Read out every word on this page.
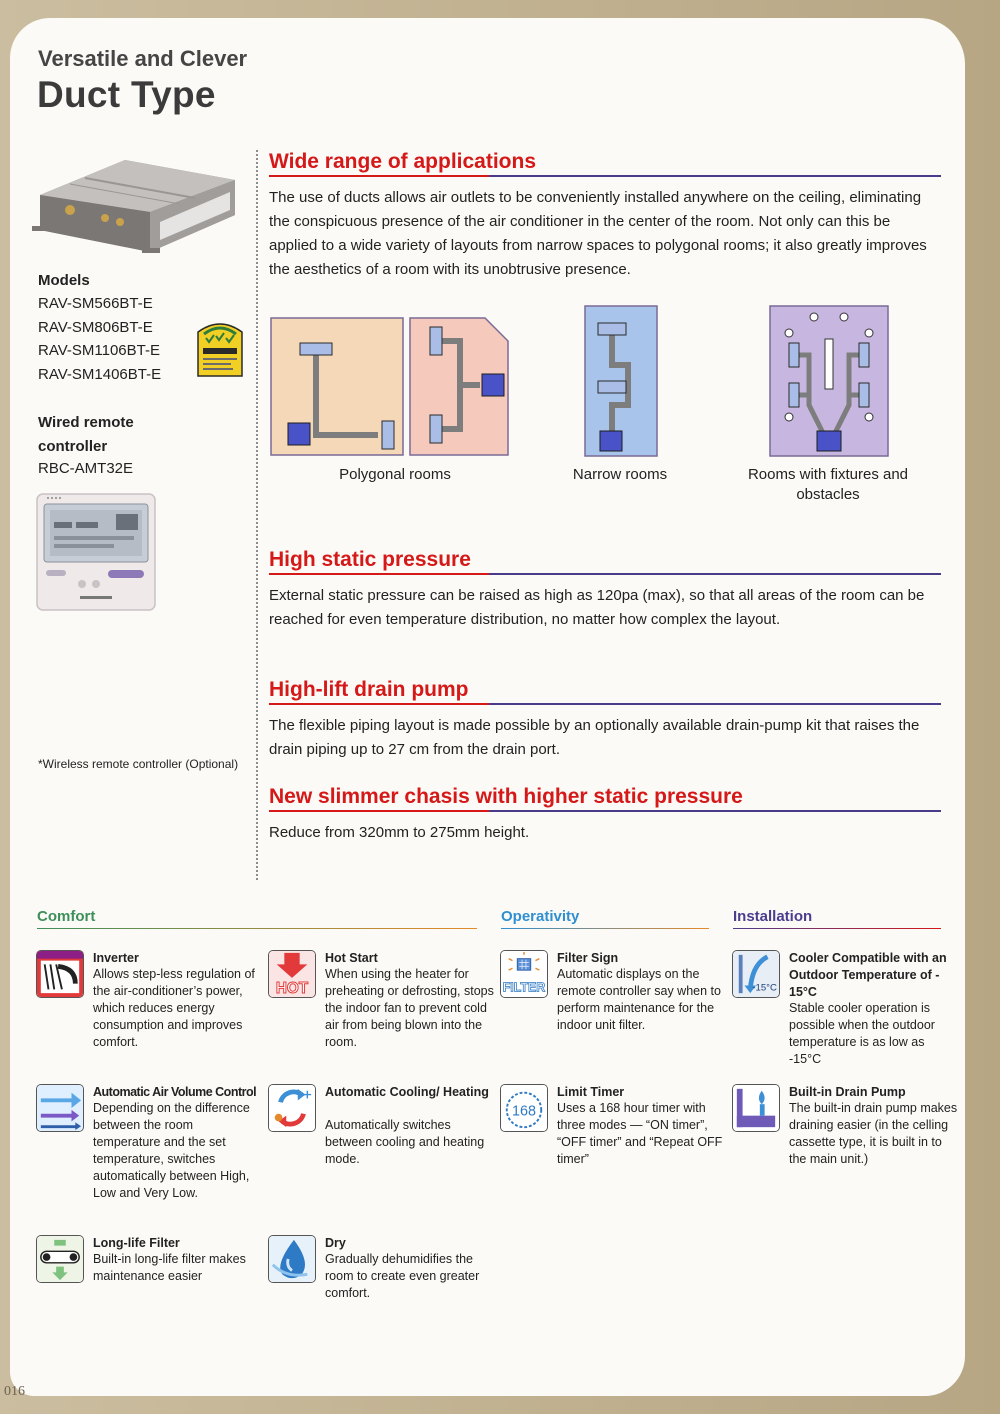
Versatile and Clever
Duct Type
Models
RAV-SM566BT-E
RAV-SM806BT-E
RAV-SM1106BT-E
RAV-SM1406BT-E
Wired remote controller
RBC-AMT32E
*Wireless remote controller (Optional)
Wide range of applications
The use of ducts allows air outlets to be conveniently installed anywhere on the ceiling, eliminating the conspicuous presence of the air conditioner in the center of the room. Not only can this be applied to a wide variety of layouts from narrow spaces to polygonal rooms; it also greatly improves the aesthetics of a room with its unobtrusive presence.
Polygonal rooms	Narrow rooms	Rooms with fixtures and obstacles
High static pressure
External static pressure can be raised as high as 120pa (max), so that all areas of the room can be reached for even temperature distribution, no matter how complex the layout.
High-lift drain pump
The flexible piping layout is made possible by an optionally available drain-pump kit that raises the drain piping up to 27 cm from the drain port.
New slimmer chasis with higher static pressure
Reduce from 320mm to 275mm height.
Comfort	Operativity	Installation
Inverter
Allows step-less regulation of the air-conditioner’s power, which reduces energy consumption and improves comfort.
HOT
Hot Start
When using the heater for preheating or defrosting, stops the indoor fan to prevent cold air from being blown into the room.
FILTER
Filter Sign
Automatic displays on the remote controller say when to perform maintenance for the indoor unit filter.
-15°C
Cooler Compatible with an Outdoor Temperature of - 15°C
Stable cooler operation is possible when the outdoor temperature is as low as -15°C
Automatic Air Volume Control
Depending on the difference between the room temperature and the set temperature, switches automatically between High, Low and Very Low.
Automatic Cooling/ Heating
Automatically switches between cooling and heating mode.
168
Limit Timer
Uses a 168 hour timer with three modes — “ON timer”, “OFF timer” and “Repeat OFF timer”
Built-in Drain Pump
The built-in drain pump makes draining easier (in the celling cassette type, it is built in to the main unit.)
Long-life Filter
Built-in long-life filter makes maintenance easier
Dry
Gradually dehumidifies the room to create even greater comfort.
016
